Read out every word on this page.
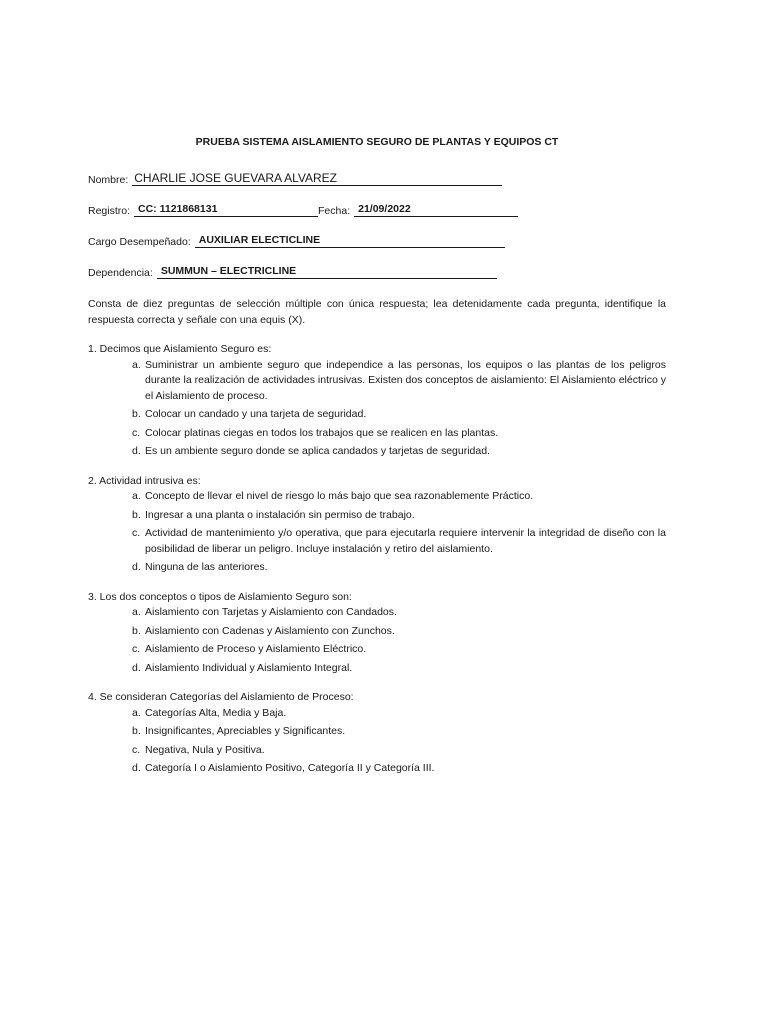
PRUEBA SISTEMA AISLAMIENTO SEGURO DE PLANTAS Y EQUIPOS CT
Nombre: CHARLIE JOSE GUEVARA ALVAREZ
Registro: CC: 1121868131	Fecha: 21/09/2022
Cargo Desempeñado: AUXILIAR ELECTICLINE
Dependencia: SUMMUN – ELECTRICLINE

Consta de diez preguntas de selección múltiple con única respuesta; lea detenidamente cada pregunta, identifique la respuesta correcta y señale con una equis (X).

1. Decimos que Aislamiento Seguro es:
a. Suministrar un ambiente seguro que independice a las personas, los equipos o las plantas de los peligros durante la realización de actividades intrusivas. Existen dos conceptos de aislamiento: El Aislamiento eléctrico y el Aislamiento de proceso.
b. Colocar un candado y una tarjeta de seguridad.
c. Colocar platinas ciegas en todos los trabajos que se realicen en las plantas.
d. Es un ambiente seguro donde se aplica candados y tarjetas de seguridad.
2. Actividad intrusiva es:
a. Concepto de llevar el nivel de riesgo lo más bajo que sea razonablemente Práctico.
b. Ingresar a una planta o instalación sin permiso de trabajo.
c. Actividad de mantenimiento y/o operativa, que para ejecutarla requiere intervenir la integridad de diseño con la posibilidad de liberar un peligro. Incluye instalación y retiro del aislamiento.
d. Ninguna de las anteriores.
3. Los dos conceptos o tipos de Aislamiento Seguro son:
a. Aislamiento con Tarjetas y Aislamiento con Candados.
b. Aislamiento con Cadenas y Aislamiento con Zunchos.
c. Aislamiento de Proceso y Aislamiento Eléctrico.
d. Aislamiento Individual y Aislamiento Integral.
4. Se consideran Categorías del Aislamiento de Proceso:
a. Categorías Alta, Media y Baja.
b. Insignificantes, Apreciables y Significantes.
c. Negativa, Nula y Positiva.
d. Categoría I o Aislamiento Positivo, Categoría II y Categoría III.
